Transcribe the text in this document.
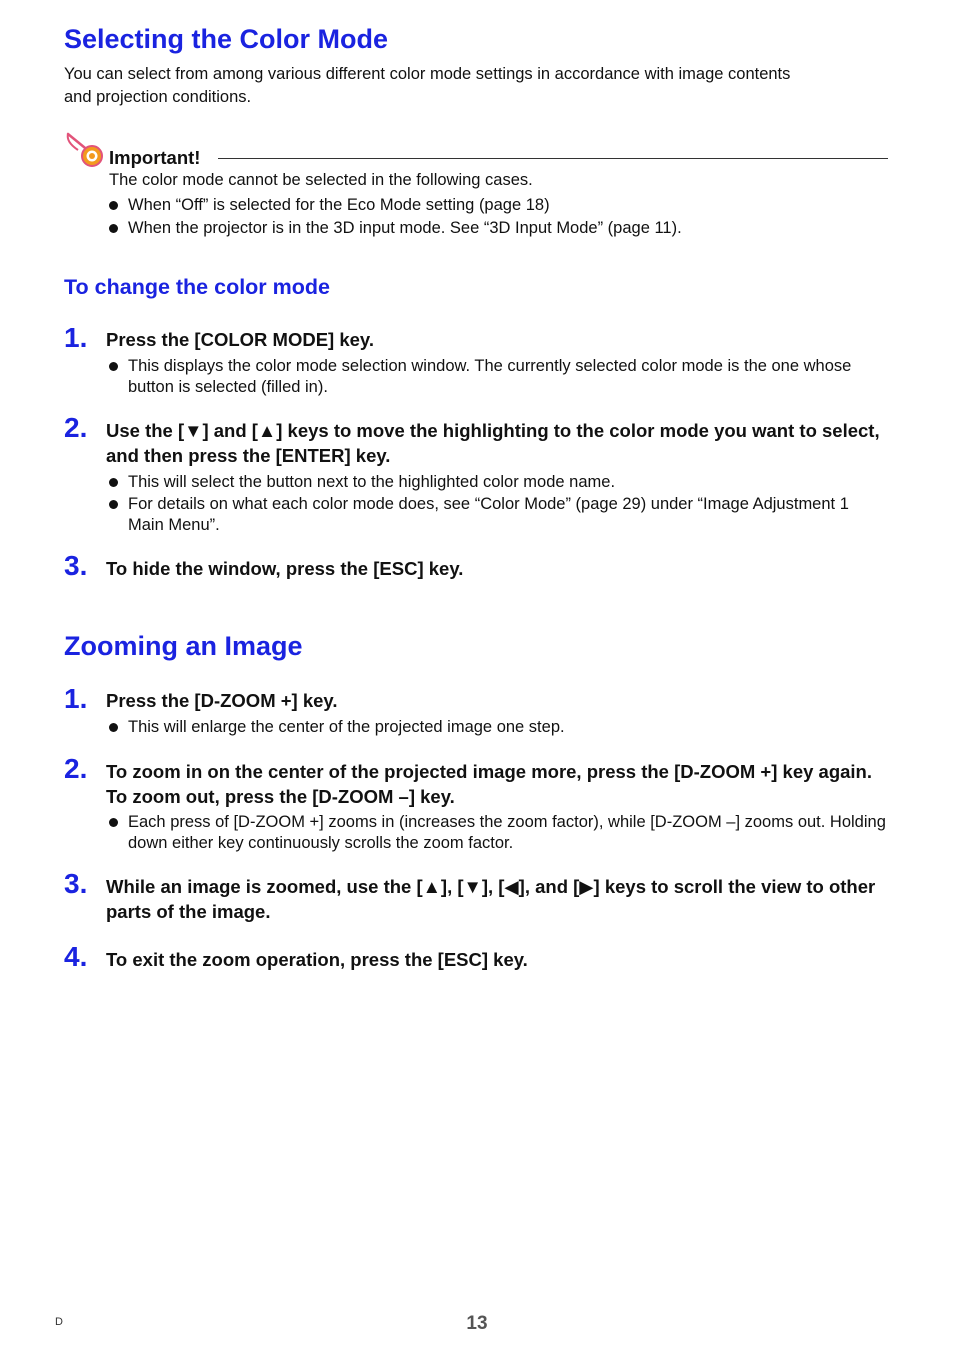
Selecting the Color Mode
You can select from among various different color mode settings in accordance with image contents
and projection conditions.
Important!
The color mode cannot be selected in the following cases.
When “Off” is selected for the Eco Mode setting (page 18)
When the projector is in the 3D input mode. See “3D Input Mode” (page 11).
To change the color mode
1. Press the [COLOR MODE] key.
This displays the color mode selection window. The currently selected color mode is the one whose button is selected (filled in).
2. Use the [▼] and [▲] keys to move the highlighting to the color mode you want to select, and then press the [ENTER] key.
This will select the button next to the highlighted color mode name.
For details on what each color mode does, see “Color Mode” (page 29) under “Image Adjustment 1 Main Menu”.
3. To hide the window, press the [ESC] key.
Zooming an Image
1. Press the [D-ZOOM +] key.
This will enlarge the center of the projected image one step.
2. To zoom in on the center of the projected image more, press the [D-ZOOM +] key again. To zoom out, press the [D-ZOOM –] key.
Each press of [D-ZOOM +] zooms in (increases the zoom factor), while [D-ZOOM –] zooms out. Holding down either key continuously scrolls the zoom factor.
3. While an image is zoomed, use the [▲], [▼], [◀], and [▶] keys to scroll the view to other parts of the image.
4. To exit the zoom operation, press the [ESC] key.
D	13
